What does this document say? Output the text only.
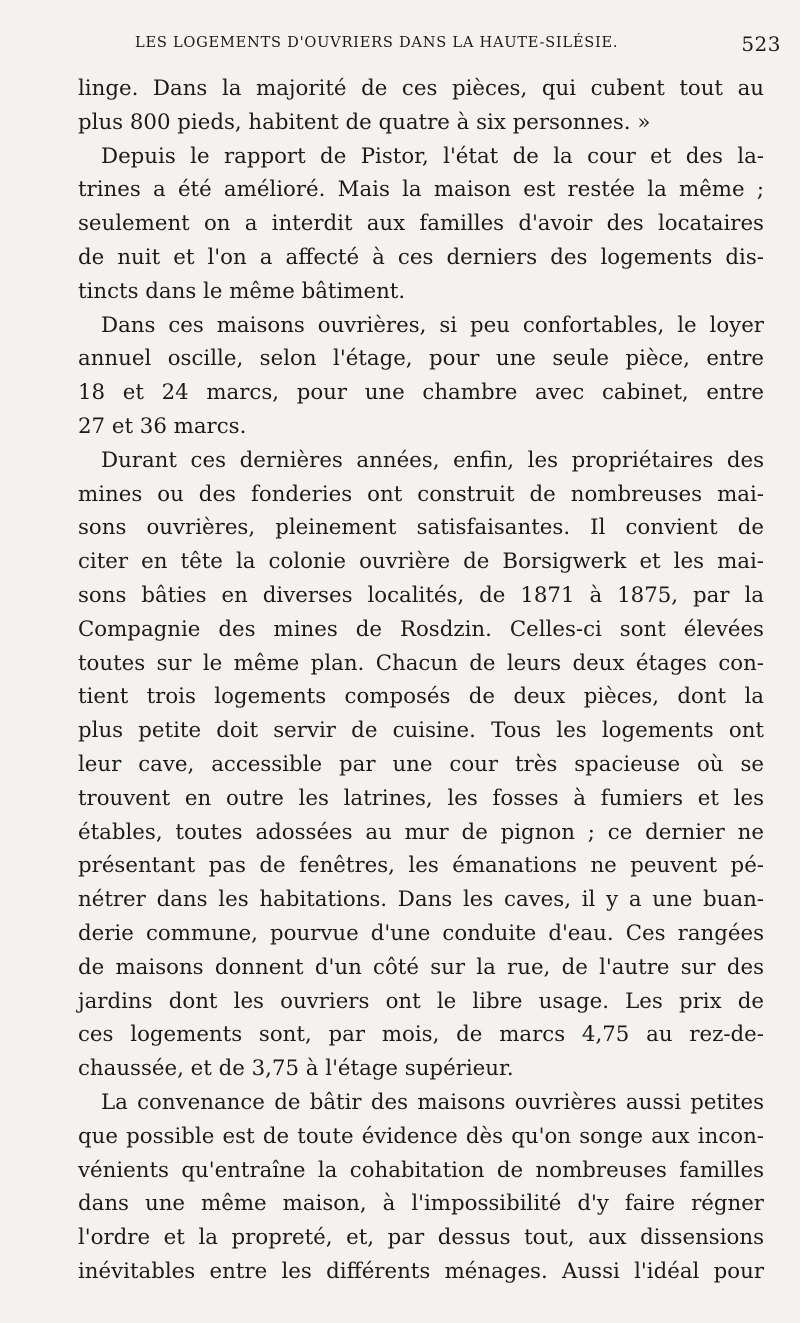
LES LOGEMENTS D'OUVRIERS DANS LA HAUTE-SILÉSIE.	523
linge. Dans la majorité de ces pièces, qui cubent tout au
plus 800 pieds, habitent de quatre à six personnes. »
Depuis le rapport de Pistor, l'état de la cour et des la-
trines a été amélioré. Mais la maison est restée la même ;
seulement on a interdit aux familles d'avoir des locataires
de nuit et l'on a affecté à ces derniers des logements dis-
tincts dans le même bâtiment.
Dans ces maisons ouvrières, si peu confortables, le loyer
annuel oscille, selon l'étage, pour une seule pièce, entre
18 et 24 marcs, pour une chambre avec cabinet, entre
27 et 36 marcs.
Durant ces dernières années, enfin, les propriétaires des
mines ou des fonderies ont construit de nombreuses mai-
sons ouvrières, pleinement satisfaisantes. Il convient de
citer en tête la colonie ouvrière de Borsigwerk et les mai-
sons bâties en diverses localités, de 1871 à 1875, par la
Compagnie des mines de Rosdzin. Celles-ci sont élevées
toutes sur le même plan. Chacun de leurs deux étages con-
tient trois logements composés de deux pièces, dont la
plus petite doit servir de cuisine. Tous les logements ont
leur cave, accessible par une cour très spacieuse où se
trouvent en outre les latrines, les fosses à fumiers et les
étables, toutes adossées au mur de pignon ; ce dernier ne
présentant pas de fenêtres, les émanations ne peuvent pé-
nétrer dans les habitations. Dans les caves, il y a une buan-
derie commune, pourvue d'une conduite d'eau. Ces rangées
de maisons donnent d'un côté sur la rue, de l'autre sur des
jardins dont les ouvriers ont le libre usage. Les prix de
ces logements sont, par mois, de marcs 4,75 au rez-de-
chaussée, et de 3,75 à l'étage supérieur.
La convenance de bâtir des maisons ouvrières aussi petites
que possible est de toute évidence dès qu'on songe aux incon-
vénients qu'entraîne la cohabitation de nombreuses familles
dans une même maison, à l'impossibilité d'y faire régner
l'ordre et la propreté, et, par dessus tout, aux dissensions
inévitables entre les différents ménages. Aussi l'idéal pour
